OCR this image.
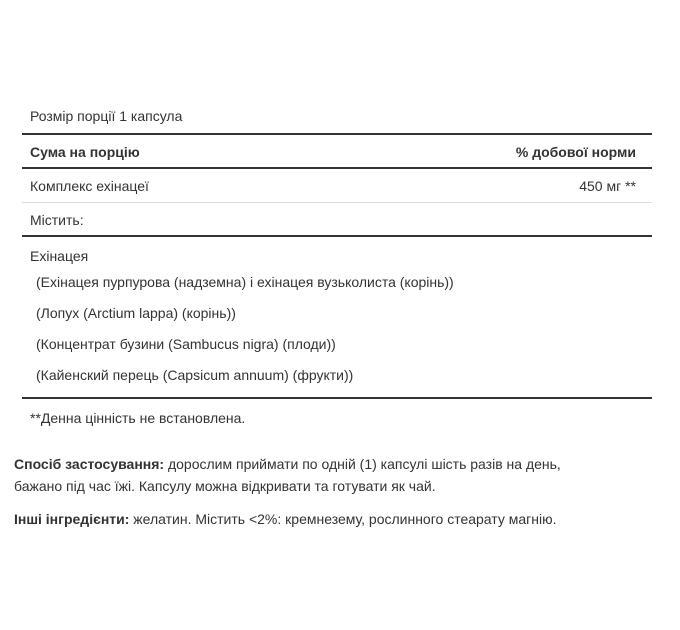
Розмір порції 1 капсула
Сума на порцію	% добової норми
Комплекс ехінацеї	450 мг **
Містить:
Ехінацея
(Ехінацея пурпурова (надземна) і ехінацея вузьколиста (корінь))
(Лопух (Arctium lappa) (корінь))
(Концентрат бузини (Sambucus nigra) (плоди))
(Кайенский перець (Capsicum annuum) (фрукти))
**Денна цінність не встановлена.
Спосіб застосування: дорослим приймати по одній (1) капсулі шість разів на день,
бажано під час їжі. Капсулу можна відкривати та готувати як чай.
Інші інгредієнти: желатин. Містить <2%: кремнезему, рослинного стеарату магнію.
